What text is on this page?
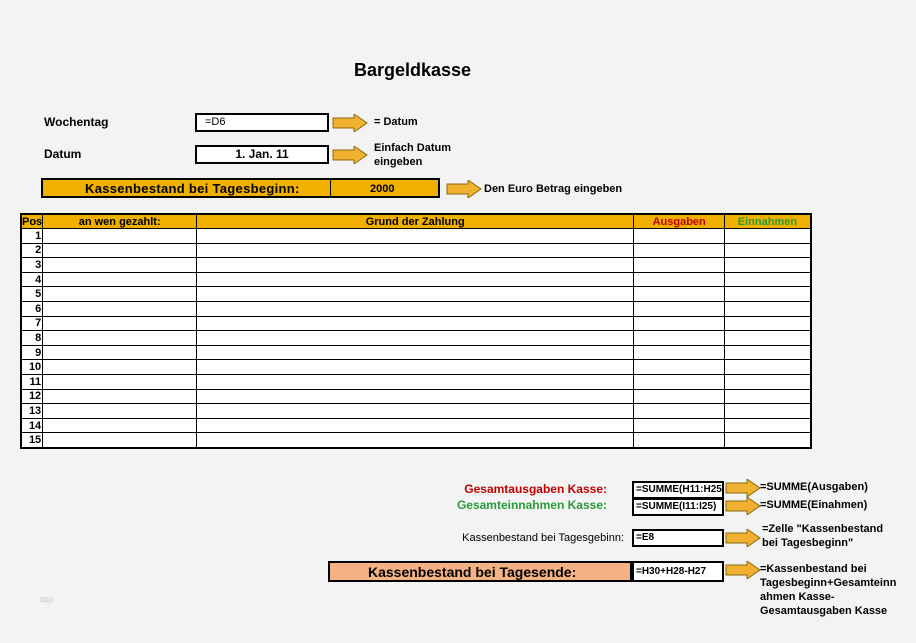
Bargeldkasse
Wochentag	=D6	= Datum
Datum	1. Jan. 11	Einfach Datum
eingeben
Kassenbestand bei Tagesbeginn:	2000	Den Euro Betrag eingeben
Pos	an wen gezahlt:	Grund der Zahlung	Ausgaben	Einnahmen
1				
2				
3				
4				
5				
6				
7				
8				
9				
10				
11				
12				
13				
14				
15				
Gesamtausgaben Kasse:	=SUMME(H11:H25	=SUMME(Ausgaben)
Gesamteinnahmen Kasse:	=SUMME(I11:I25)	=SUMME(Einahmen)
Kassenbestand bei Tagesgebinn:	=E8
=Zelle "Kassenbestand
bei Tagesbeginn"
Kassenbestand bei Tagesende:	=H30+H28-H27	=Kassenbestand bei
Tagesbeginn+Gesamteinn
ahmen Kasse-
Gesamtausgaben Kasse
tipp
